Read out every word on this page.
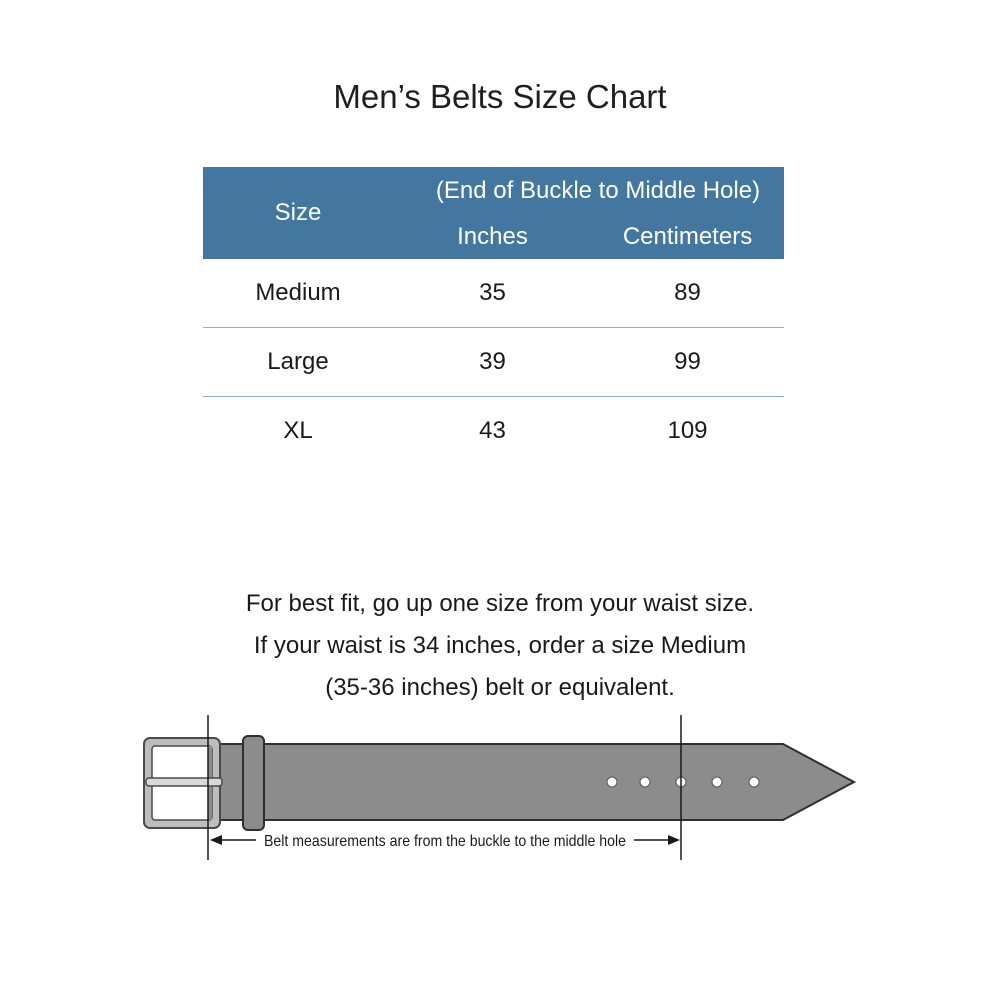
Men’s Belts Size Chart
Size
(End of Buckle to Middle Hole)
Inches	Centimeters
Medium	35	89
Large	39	99
XL	43	109
For best fit, go up one size from your waist size.
If your waist is 34 inches, order a size Medium
(35-36 inches) belt or equivalent.
Belt measurements are from the buckle to the middle hole
